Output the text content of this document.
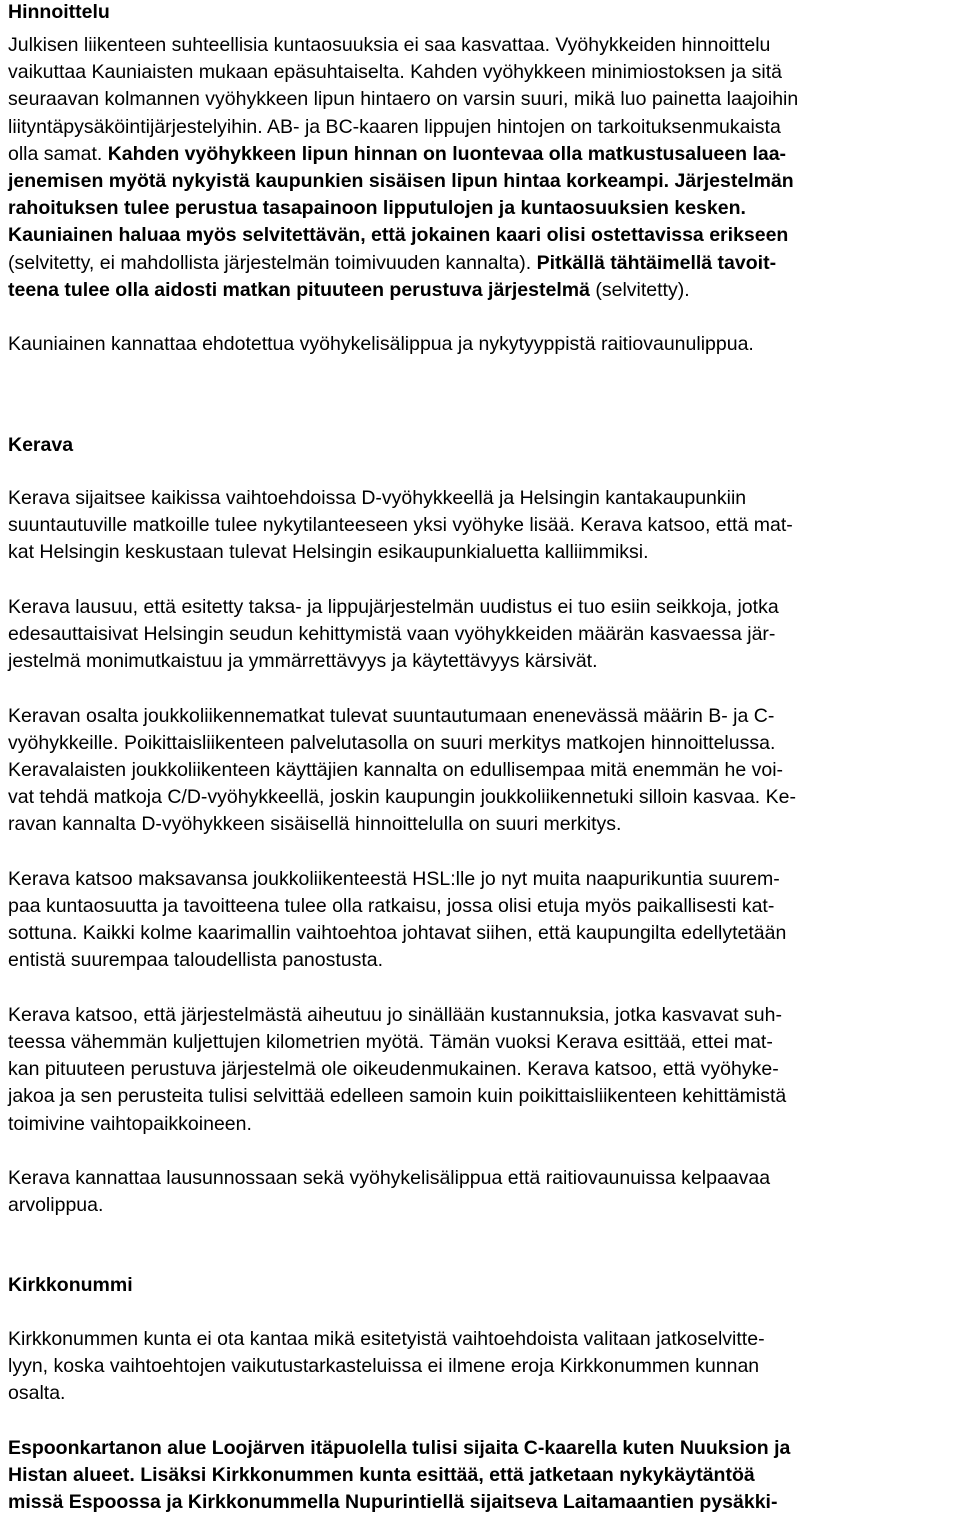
Hinnoittelu
Julkisen liikenteen suhteellisia kuntaosuuksia ei saa kasvattaa. Vyöhykkeiden hinnoittelu
vaikuttaa Kauniaisten mukaan epäsuhtaiselta. Kahden vyöhykkeen minimiostoksen ja sitä
seuraavan kolmannen vyöhykkeen lipun hintaero on varsin suuri, mikä luo painetta laajoihin
liityntäpysäköintijärjestelyihin. AB- ja BC-kaaren lippujen hintojen on tarkoituksenmukaista
olla samat. Kahden vyöhykkeen lipun hinnan on luontevaa olla matkustusalueen laa-
jenemisen myötä nykyistä kaupunkien sisäisen lipun hintaa korkeampi. Järjestelmän
rahoituksen tulee perustua tasapainoon lipputulojen ja kuntaosuuksien kesken.
Kauniainen haluaa myös selvitettävän, että jokainen kaari olisi ostettavissa erikseen
(selvitetty, ei mahdollista järjestelmän toimivuuden kannalta). Pitkällä tähtäimellä tavoit-
teena tulee olla aidosti matkan pituuteen perustuva järjestelmä (selvitetty).
Kauniainen kannattaa ehdotettua vyöhykelisälippua ja nykytyyppistä raitiovaunulippua.
Kerava
Kerava sijaitsee kaikissa vaihtoehdoissa D-vyöhykkeellä ja Helsingin kantakaupunkiin
suuntautuville matkoille tulee nykytilanteeseen yksi vyöhyke lisää. Kerava katsoo, että mat-
kat Helsingin keskustaan tulevat Helsingin esikaupunkialuetta kalliimmiksi.
Kerava lausuu, että esitetty taksa- ja lippujärjestelmän uudistus ei tuo esiin seikkoja, jotka
edesauttaisivat Helsingin seudun kehittymistä vaan vyöhykkeiden määrän kasvaessa jär-
jestelmä monimutkaistuu ja ymmärrettävyys ja käytettävyys kärsivät.
Keravan osalta joukkoliikennematkat tulevat suuntautumaan enenevässä määrin B- ja C-
vyöhykkeille. Poikittaisliikenteen palvelutasolla on suuri merkitys matkojen hinnoittelussa.
Keravalaisten joukkoliikenteen käyttäjien kannalta on edullisempaa mitä enemmän he voi-
vat tehdä matkoja C/D-vyöhykkeellä, joskin kaupungin joukkoliikennetuki silloin kasvaa. Ke-
ravan kannalta D-vyöhykkeen sisäisellä hinnoittelulla on suuri merkitys.
Kerava katsoo maksavansa joukkoliikenteestä HSL:lle jo nyt muita naapurikuntia suurem-
paa kuntaosuutta ja tavoitteena tulee olla ratkaisu, jossa olisi etuja myös paikallisesti kat-
sottuna. Kaikki kolme kaarimallin vaihtoehtoa johtavat siihen, että kaupungilta edellytetään
entistä suurempaa taloudellista panostusta.
Kerava katsoo, että järjestelmästä aiheutuu jo sinällään kustannuksia, jotka kasvavat suh-
teessa vähemmän kuljettujen kilometrien myötä. Tämän vuoksi Kerava esittää, ettei mat-
kan pituuteen perustuva järjestelmä ole oikeudenmukainen. Kerava katsoo, että vyöhyke-
jakoa ja sen perusteita tulisi selvittää edelleen samoin kuin poikittaisliikenteen kehittämistä
toimivine vaihtopaikkoineen.
Kerava kannattaa lausunnossaan sekä vyöhykelisälippua että raitiovaunuissa kelpaavaa
arvolippua.
Kirkkonummi
Kirkkonummen kunta ei ota kantaa mikä esitetyistä vaihtoehdoista valitaan jatkoselvitte-
lyyn, koska vaihtoehtojen vaikutustarkasteluissa ei ilmene eroja Kirkkonummen kunnan
osalta.
Espoonkartanon alue Loojärven itäpuolella tulisi sijaita C-kaarella kuten Nuuksion ja
Histan alueet. Lisäksi Kirkkonummen kunta esittää, että jatketaan nykykäytäntöä
missä Espoossa ja Kirkkonummella Nupurintiellä sijaitseva Laitamaantien pysäkki-
